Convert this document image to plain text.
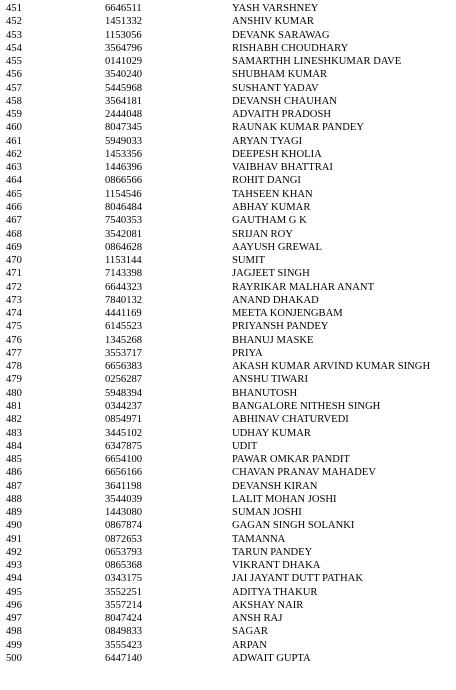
451	6646511	YASH VARSHNEY
452	1451332	ANSHIV KUMAR
453	1153056	DEVANK SARAWAG
454	3564796	RISHABH CHOUDHARY
455	0141029	SAMARTHH LINESHKUMAR DAVE
456	3540240	SHUBHAM KUMAR
457	5445968	SUSHANT YADAV
458	3564181	DEVANSH CHAUHAN
459	2444048	ADVAITH PRADOSH
460	8047345	RAUNAK KUMAR PANDEY
461	5949033	ARYAN TYAGI
462	1453356	DEEPESH KHOLIA
463	1446396	VAIBHAV BHATTRAI
464	0866566	ROHIT DANGI
465	1154546	TAHSEEN KHAN
466	8046484	ABHAY KUMAR
467	7540353	GAUTHAM G K
468	3542081	SRIJAN ROY
469	0864628	AAYUSH GREWAL
470	1153144	SUMIT
471	7143398	JAGJEET SINGH
472	6644323	RAYRIKAR MALHAR ANANT
473	7840132	ANAND DHAKAD
474	4441169	MEETA KONJENGBAM
475	6145523	PRIYANSH PANDEY
476	1345268	BHANUJ MASKE
477	3553717	PRIYA
478	6656383	AKASH KUMAR ARVIND KUMAR SINGH
479	0256287	ANSHU TIWARI
480	5948394	BHANUTOSH
481	0344237	BANGALORE NITHESH SINGH
482	0854971	ABHINAV CHATURVEDI
483	3445102	UDHAY KUMAR
484	6347875	UDIT
485	6654100	PAWAR OMKAR PANDIT
486	6656166	CHAVAN PRANAV MAHADEV
487	3641198	DEVANSH KIRAN
488	3544039	LALIT MOHAN JOSHI
489	1443080	SUMAN JOSHI
490	0867874	GAGAN SINGH SOLANKI
491	0872653	TAMANNA
492	0653793	TARUN PANDEY
493	0865368	VIKRANT DHAKA
494	0343175	JAI JAYANT DUTT PATHAK
495	3552251	ADITYA THAKUR
496	3557214	AKSHAY NAIR
497	8047424	ANSH RAJ
498	0849833	SAGAR
499	3555423	ARPAN
500	6447140	ADWAIT GUPTA
